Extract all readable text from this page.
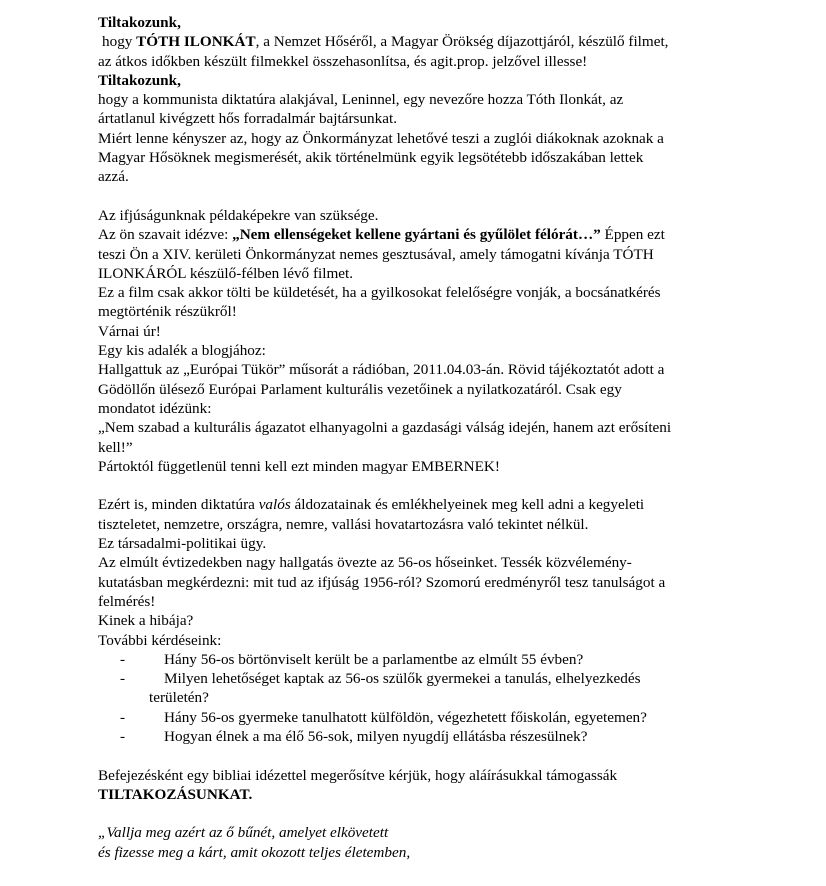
Tiltakozunk,
hogy TÓTH ILONKÁT, a Nemzet Hőséről, a Magyar Örökség díjazottjáról, készülő filmet,
az átkos időkben készült filmekkel összehasonlítsa, és agit.prop. jelzővel illesse!
Tiltakozunk,
hogy a kommunista diktatúra alakjával, Leninnel, egy nevezőre hozza Tóth Ilonkát, az
ártatlanul kivégzett hős forradalmár bajtársunkat.
Miért lenne kényszer az, hogy az Önkormányzat lehetővé teszi a zuglói diákoknak azoknak a
Magyar Hősöknek megismerését, akik történelmünk egyik legsötétebb időszakában lettek
azzá.
Az ifjúságunknak példaképekre van szüksége.
Az ön szavait idézve: „Nem ellenségeket kellene gyártani és gyűlölet félórát…” Éppen ezt
teszi Ön a XIV. kerületi Önkormányzat nemes gesztusával, amely támogatni kívánja TÓTH
ILONKÁRÓL készülő-félben lévő filmet.
Ez a film csak akkor tölti be küldetését, ha a gyilkosokat felelőségre vonják, a bocsánatkérés
megtörténik részükről!
Várnai úr!
Egy kis adalék a blogjához:
Hallgattuk az „Európai Tükör” műsorát a rádióban, 2011.04.03-án. Rövid tájékoztatót adott a
Gödöllőn ülésező Európai Parlament kulturális vezetőinek a nyilatkozatáról. Csak egy
mondatot idézünk:
„Nem szabad a kulturális ágazatot elhanyagolni a gazdasági válság idején, hanem azt erősíteni
kell!”
Pártoktól függetlenül tenni kell ezt minden magyar EMBERNEK!
Ezért is, minden diktatúra valós áldozatainak és emlékhelyeinek meg kell adni a kegyeleti
tiszteletet, nemzetre, országra, nemre, vallási hovatartozásra való tekintet nélkül.
Ez társadalmi-politikai ügy.
Az elmúlt évtizedekben nagy hallgatás övezte az 56-os hőseinket. Tessék közvélemény-
kutatásban megkérdezni: mit tud az ifjúság 1956-ról? Szomorú eredményről tesz tanulságot a
felmérés!
Kinek a hibája?
További kérdéseink:
-	Hány 56-os börtönviselt került be a parlamentbe az elmúlt 55 évben?
-	Milyen lehetőséget kaptak az 56-os szülők gyermekei a tanulás, elhelyezkedés
területén?
-	Hány 56-os gyermeke tanulhatott külföldön, végezhetett főiskolán, egyetemen?
-	Hogyan élnek a ma élő 56-sok, milyen nyugdíj ellátásba részesülnek?
Befejezésként egy bibliai idézettel megerősítve kérjük, hogy aláírásukkal támogassák
TILTAKOZÁSUNKAT.
„Vallja meg azért az ő bűnét, amelyet elkövetett
és fizesse meg a kárt, amit okozott teljes életemben,
